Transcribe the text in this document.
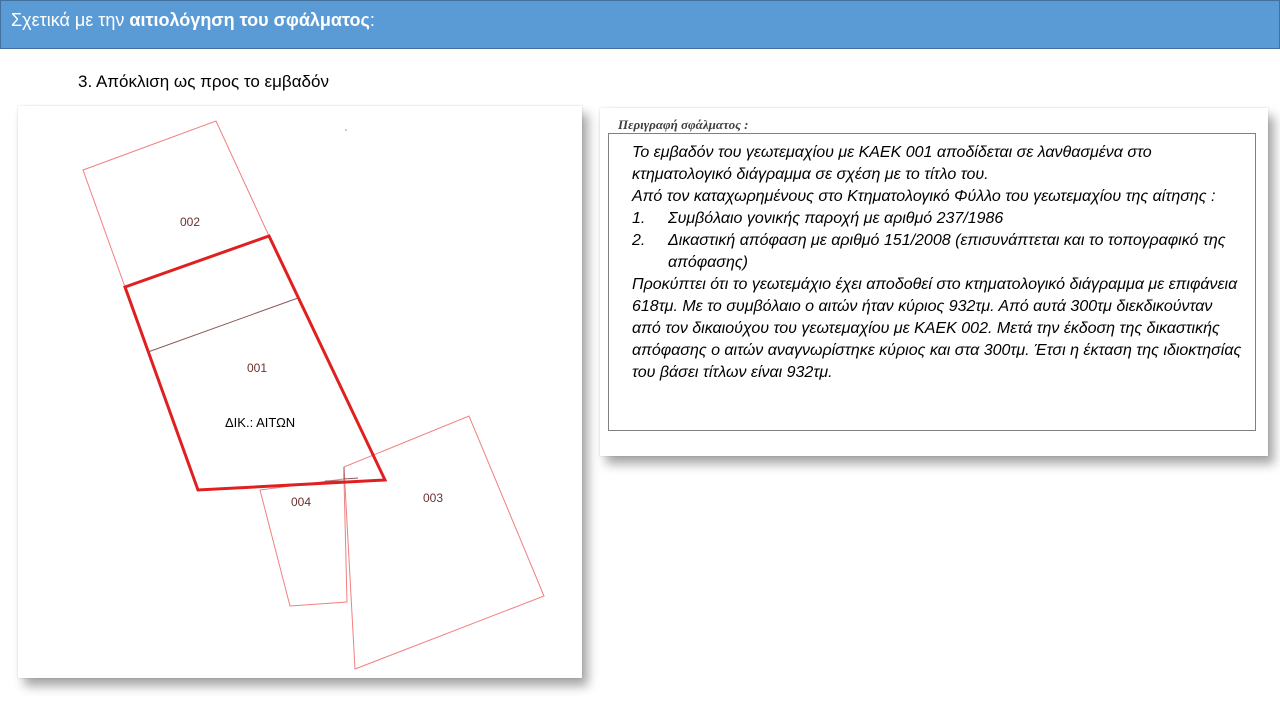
Σχετικά με την αιτιολόγηση του σφάλματος:
3. Απόκλιση ως προς το εμβαδόν
002
001
ΔΙΚ.: ΑΙΤΩΝ
004	003
Περιγραφή σφάλματος :

Το εμβαδόν του γεωτεμαχίου με ΚΑΕΚ 001 αποδίδεται σε λανθασμένα στο κτηματολογικό διάγραμμα σε σχέση με το τίτλο του.

Από τον καταχωρημένους στο Κτηματολογικό Φύλλο του γεωτεμαχίου της αίτησης :

1. Συμβόλαιο γονικής παροχή με αριθμό 237/1986
2. Δικαστική απόφαση με αριθμό 151/2008 (επισυνάπτεται και το τοπογραφικό της απόφασης)

Προκύπτει ότι το γεωτεμάχιο έχει αποδοθεί στο κτηματολογικό διάγραμμα με επιφάνεια 618τμ. Με το συμβόλαιο ο αιτών ήταν κύριος 932τμ. Από αυτά 300τμ διεκδικούνταν από τον δικαιούχου του γεωτεμαχίου με ΚΑΕΚ 002. Μετά την έκδοση της δικαστικής απόφασης ο αιτών αναγνωρίστηκε κύριος και στα 300τμ. Έτσι η έκταση της ιδιοκτησίας του βάσει τίτλων είναι 932τμ.
